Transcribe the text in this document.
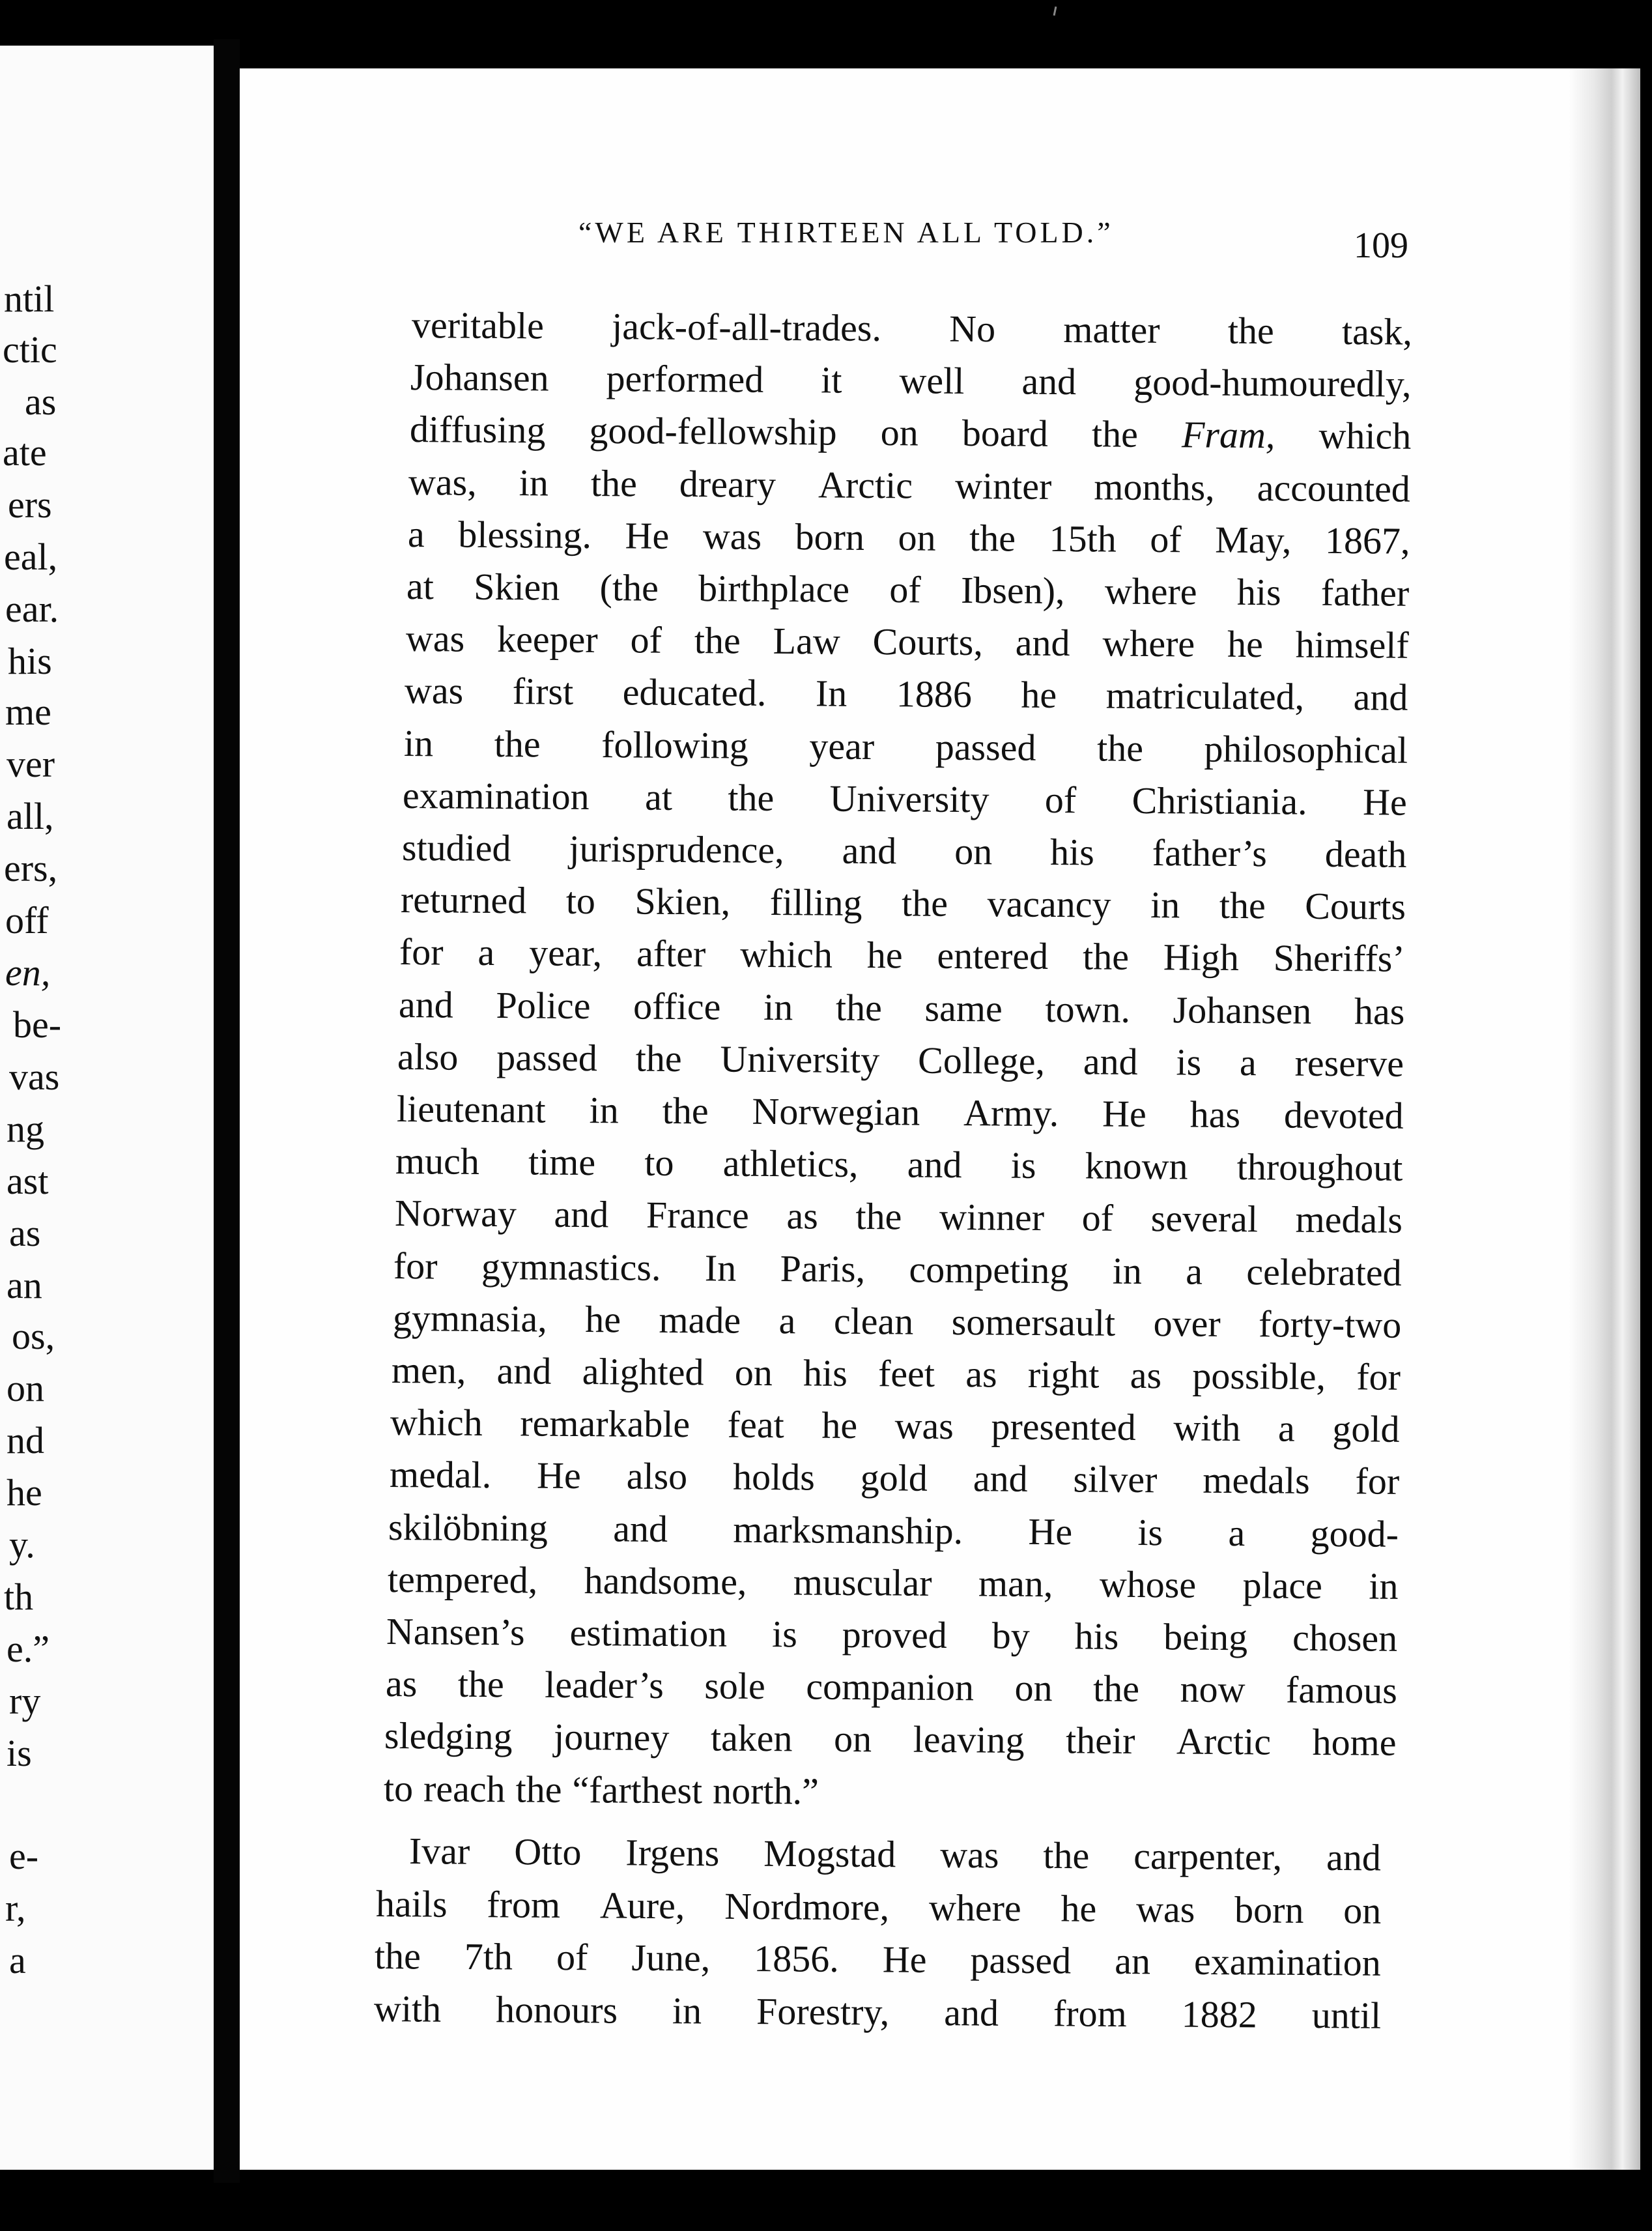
ntil
ctic
as
ate
ers
eal,
ear.
his
me
ver
all,
ers,
off
en,
be-
vas
ng
ast
as
an
os,
on
nd
he
y.
th
e.”
ry
is
e-
r,
a
“WE ARE THIRTEEN ALL TOLD.”	109
veritable jack-of-all-trades. No matter the task,
Johansen performed it well and good-humouredly,
diffusing good-fellowship on board the Fram, which
was, in the dreary Arctic winter months, accounted
a blessing. He was born on the 15th of May, 1867,
at Skien (the birthplace of Ibsen), where his father
was keeper of the Law Courts, and where he himself
was first educated. In 1886 he matriculated, and
in the following year passed the philosophical
examination at the University of Christiania. He
studied jurisprudence, and on his father’s death
returned to Skien, filling the vacancy in the Courts
for a year, after which he entered the High Sheriffs’
and Police office in the same town. Johansen has
also passed the University College, and is a reserve
lieutenant in the Norwegian Army. He has devoted
much time to athletics, and is known throughout
Norway and France as the winner of several medals
for gymnastics. In Paris, competing in a celebrated
gymnasia, he made a clean somersault over forty-two
men, and alighted on his feet as right as possible, for
which remarkable feat he was presented with a gold
medal. He also holds gold and silver medals for
skilöbning and marksmanship. He is a good-
tempered, handsome, muscular man, whose place in
Nansen’s estimation is proved by his being chosen
as the leader’s sole companion on the now famous
sledging journey taken on leaving their Arctic home
to reach the “farthest north.”
Ivar Otto Irgens Mogstad was the carpenter, and
hails from Aure, Nordmore, where he was born on
the 7th of June, 1856. He passed an examination
with honours in Forestry, and from 1882 until
